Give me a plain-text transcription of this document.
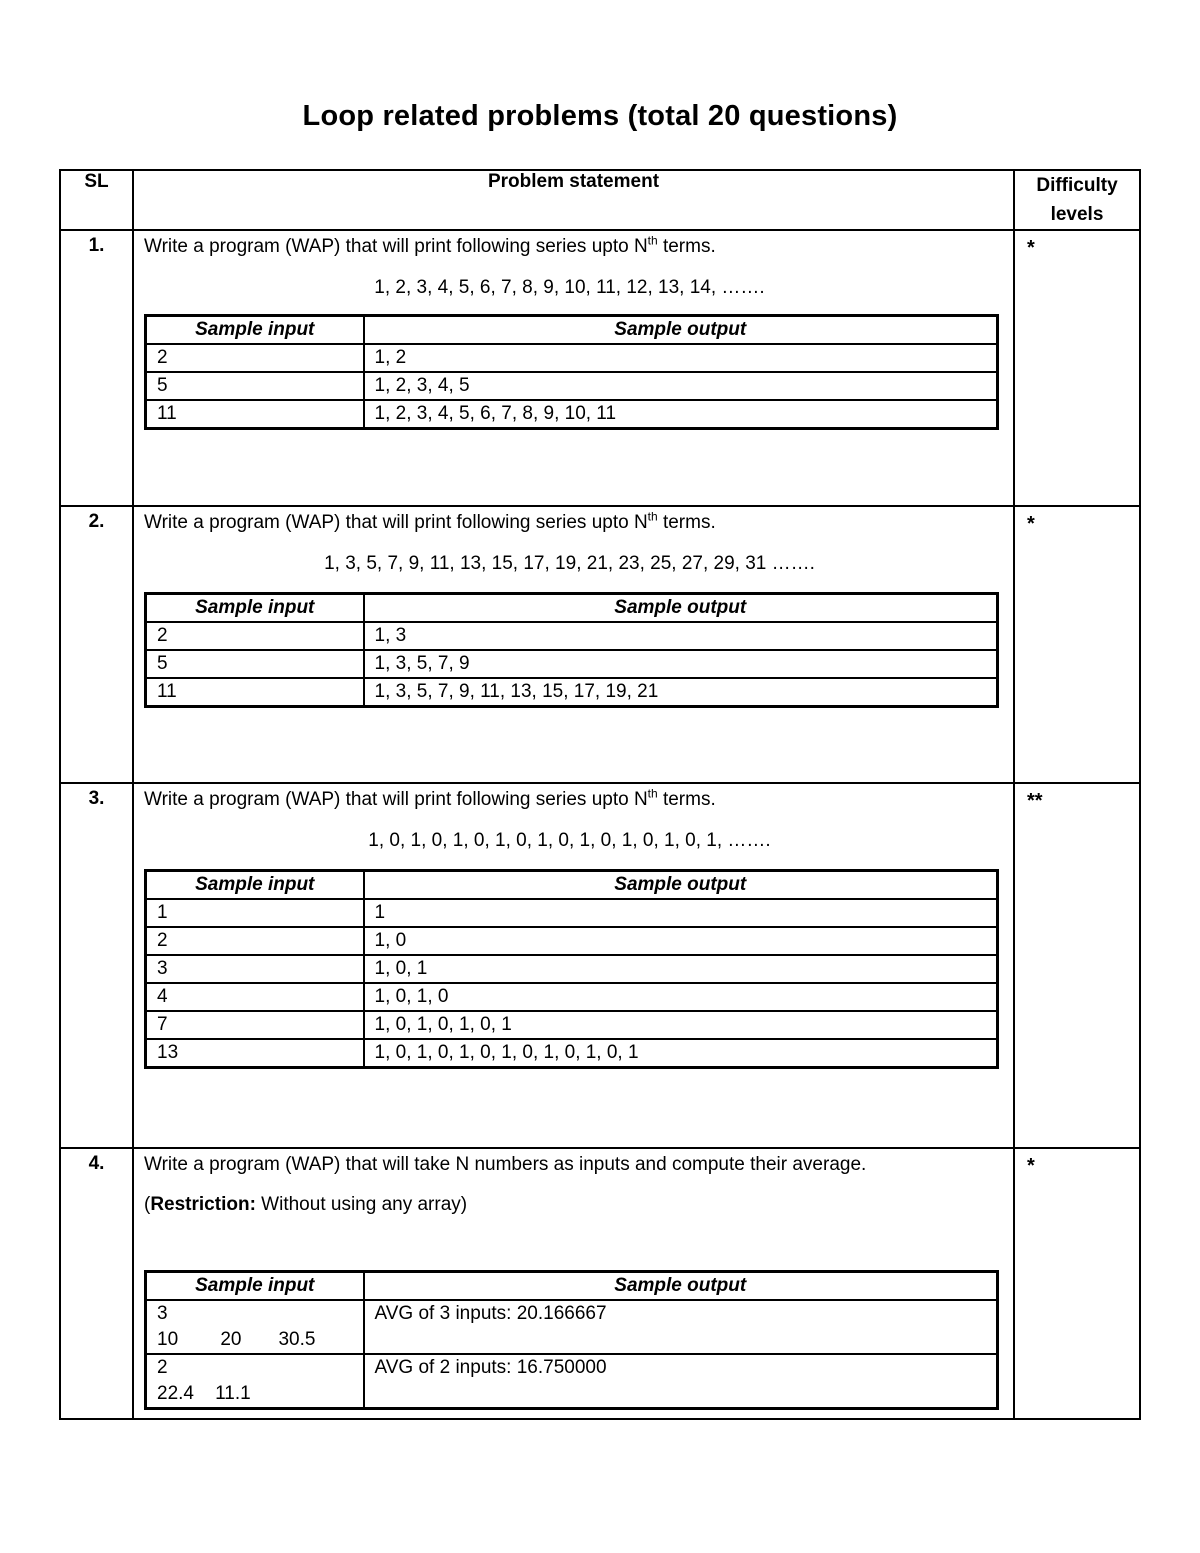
Loop related problems (total 20 questions)
SL	Problem statement	Difficulty
levels

1.	Write a program (WAP) that will print following series upto $N^{th}$ terms.
1, 2, 3, 4, 5, 6, 7, 8, 9, 10, 11, 12, 13, 14, …….
Sample input	Sample output
2	1, 2
5	1, 2, 3, 4, 5
11	1, 2, 3, 4, 5, 6, 7, 8, 9, 10, 11
	*
2.	Write a program (WAP) that will print following series upto $N^{th}$ terms.
1, 3, 5, 7, 9, 11, 13, 15, 17, 19, 21, 23, 25, 27, 29, 31 …….
Sample input	Sample output
2	1, 3
5	1, 3, 5, 7, 9
11	1, 3, 5, 7, 9, 11, 13, 15, 17, 19, 21
	*
3.	Write a program (WAP) that will print following series upto $N^{th}$ terms.
1, 0, 1, 0, 1, 0, 1, 0, 1, 0, 1, 0, 1, 0, 1, 0, 1, …….
Sample input	Sample output
1	1
2	1, 0
3	1, 0, 1
4	1, 0, 1, 0
7	1, 0, 1, 0, 1, 0, 1
13	1, 0, 1, 0, 1, 0, 1, 0, 1, 0, 1, 0, 1
	**
4.	Write a program (WAP) that will take N numbers as inputs and compute their average.
(Restriction: Without using any array)
Sample input	Sample output

3
10        20       30.5
	AVG of 3 inputs: 20.166667

2
22.4    11.1
	AVG of 2 inputs: 16.750000
	*
